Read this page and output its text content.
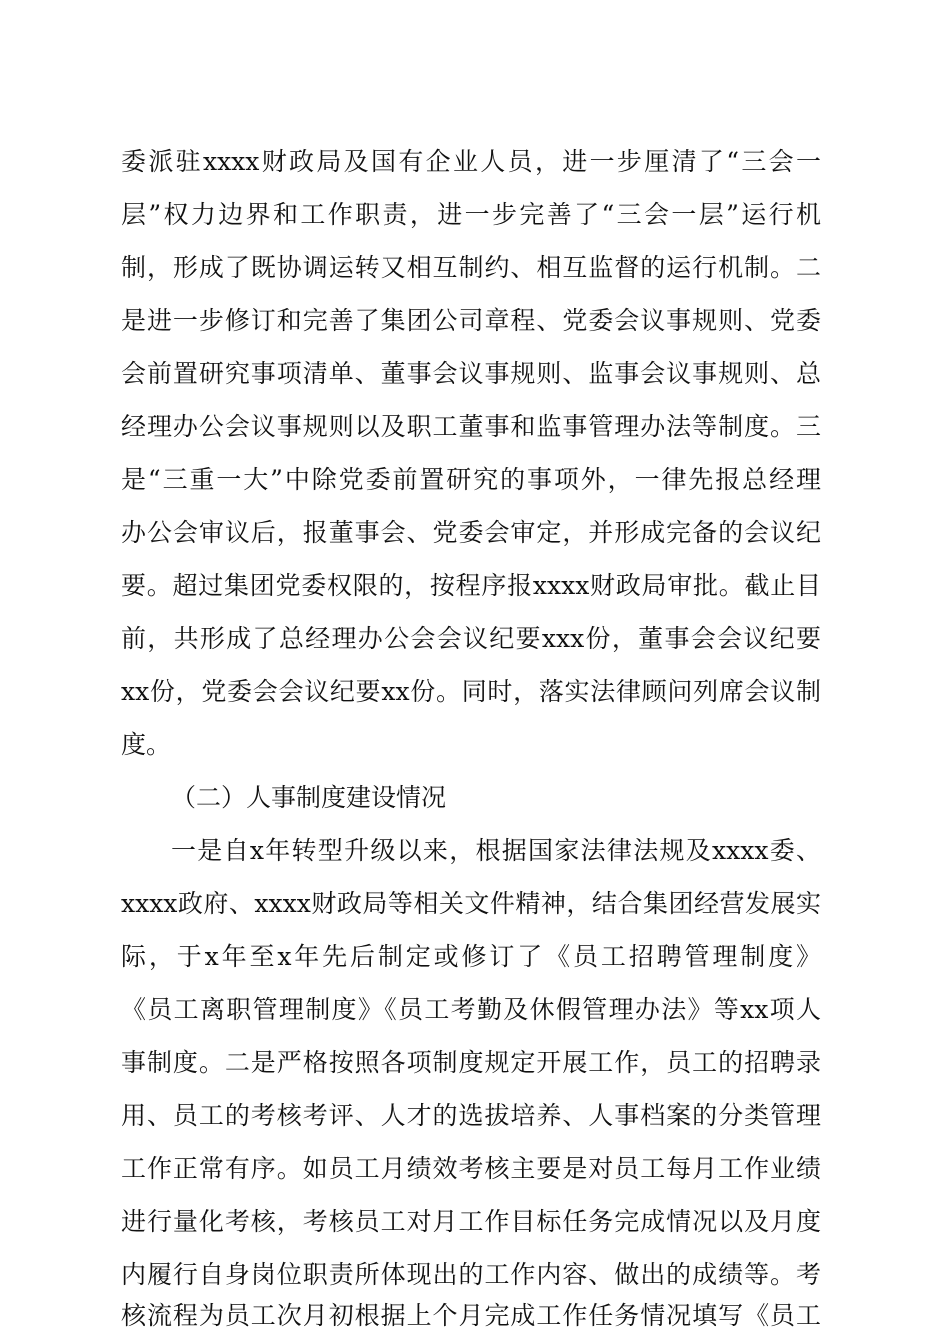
委派驻xxxx财政局及国有企业人员，进一步厘清了“三会一
层”权力边界和工作职责，进一步完善了“三会一层”运行机
制，形成了既协调运转又相互制约、相互监督的运行机制。二
是进一步修订和完善了集团公司章程、党委会议事规则、党委
会前置研究事项清单、董事会议事规则、监事会议事规则、总
经理办公会议事规则以及职工董事和监事管理办法等制度。三
是“三重一大”中除党委前置研究的事项外，一律先报总经理
办公会审议后，报董事会、党委会审定，并形成完备的会议纪
要。超过集团党委权限的，按程序报xxxx财政局审批。截止目
前，共形成了总经理办公会会议纪要xxx份，董事会会议纪要
xx份，党委会会议纪要xx份。同时，落实法律顾问列席会议制
度。
（二）人事制度建设情况
一是自x年转型升级以来，根据国家法律法规及xxxx委、
xxxx政府、xxxx财政局等相关文件精神，结合集团经营发展实
际，于x年至x年先后制定或修订了《员工招聘管理制度》
《员工离职管理制度》《员工考勤及休假管理办法》等xx项人
事制度。二是严格按照各项制度规定开展工作，员工的招聘录
用、员工的考核考评、人才的选拔培养、人事档案的分类管理
工作正常有序。如员工月绩效考核主要是对员工每月工作业绩
进行量化考核，考核员工对月工作目标任务完成情况以及月度
内履行自身岗位职责所体现出的工作内容、做出的成绩等。考
核流程为员工次月初根据上个月完成工作任务情况填写《员工
